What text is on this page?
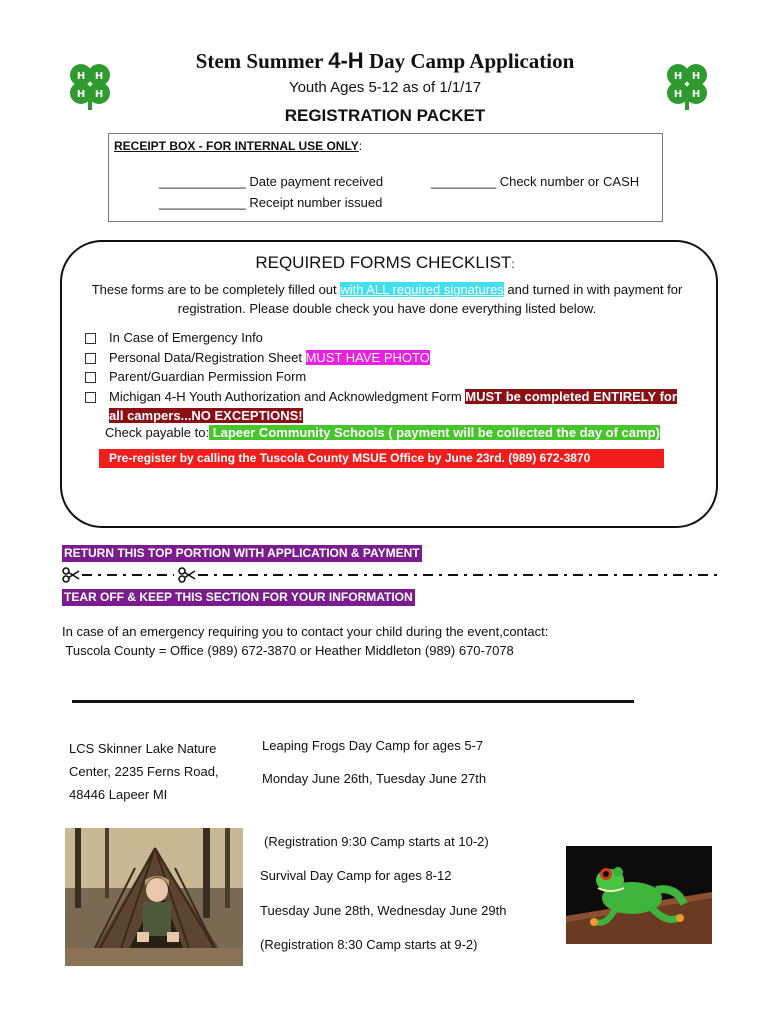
H H
H H
H H
H H
Stem Summer 4-H Day Camp Application
Youth Ages 5-12 as of 1/1/17
REGISTRATION PACKET
RECEIPT BOX - FOR INTERNAL USE ONLY:
____________ Date payment received
____________ Receipt number issued
_________ Check number or CASH
REQUIRED FORMS CHECKLIST:
These forms are to be completely filled out with ALL required signatures and turned in with payment for registration. Please double check you have done everything listed below.
In Case of Emergency Info
Personal Data/Registration Sheet MUST HAVE PHOTO
Parent/Guardian Permission Form
Michigan 4-H Youth Authorization and Acknowledgment Form MUST be completed ENTIRELY for
all campers...NO EXCEPTIONS!
Check payable to: Lapeer Community Schools ( payment will be collected the day of camp)
Pre-register by calling the Tuscola County MSUE Office by June 23rd. (989) 672-3870
RETURN THIS TOP PORTION WITH APPLICATION & PAYMENT
TEAR OFF & KEEP THIS SECTION FOR YOUR INFORMATION
In case of an emergency requiring you to contact your child during the event,contact:
Tuscola County = Office (989) 672-3870 or Heather Middleton (989) 670-7078
LCS Skinner Lake Nature
Center, 2235 Ferns Road,
48446 Lapeer MI
Leaping Frogs Day Camp for ages 5-7
Monday June 26th, Tuesday June 27th
(Registration 9:30 Camp starts at 10-2)
Survival Day Camp for ages 8-12
Tuesday June 28th, Wednesday June 29th
(Registration 8:30 Camp starts at 9-2)
